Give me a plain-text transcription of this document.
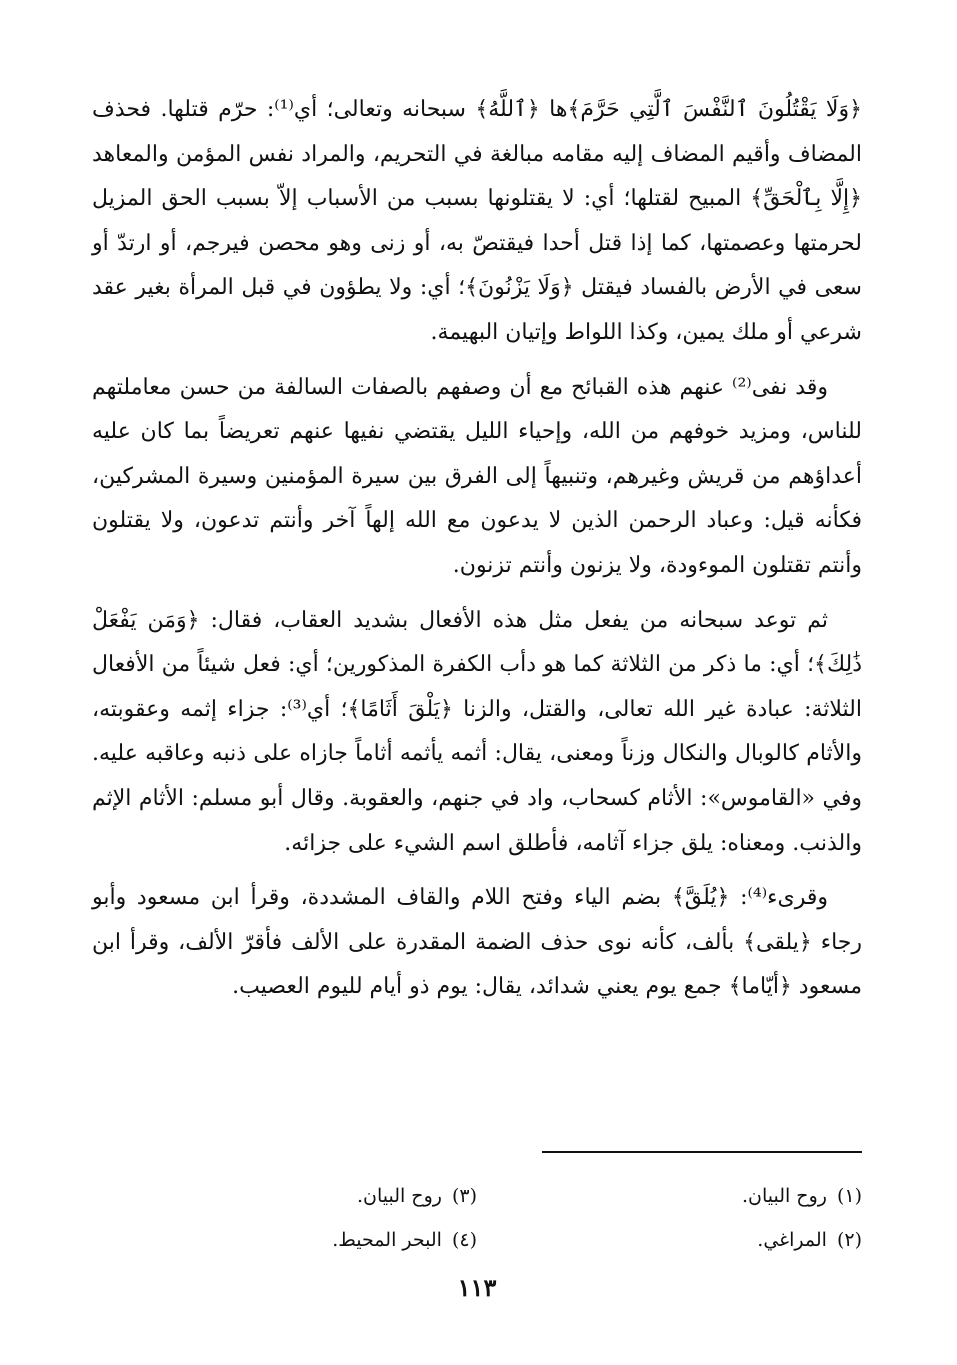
﴿وَلَا يَقْتُلُونَ ٱلنَّفْسَ ٱلَّتِي حَرَّمَ﴾ها ﴿ٱللَّهُ﴾ سبحانه وتعالى؛ أي⁽¹⁾: حرّم قتلها. فحذف المضاف وأقيم المضاف إليه مقامه مبالغة في التحريم، والمراد نفس المؤمن والمعاهد ﴿إِلَّا بِٱلْحَقِّ﴾ المبيح لقتلها؛ أي: لا يقتلونها بسبب من الأسباب إلاّ بسبب الحق المزيل لحرمتها وعصمتها، كما إذا قتل أحدا فيقتصّ به، أو زنى وهو محصن فيرجم، أو ارتدّ أو سعى في الأرض بالفساد فيقتل ﴿وَلَا يَزْنُونَ﴾؛ أي: ولا يطؤون في قبل المرأة بغير عقد شرعي أو ملك يمين، وكذا اللواط وإتيان البهيمة.

وقد نفى⁽²⁾ عنهم هذه القبائح مع أن وصفهم بالصفات السالفة من حسن معاملتهم للناس، ومزيد خوفهم من الله، وإحياء الليل يقتضي نفيها عنهم تعريضاً بما كان عليه أعداؤهم من قريش وغيرهم، وتنبيهاً إلى الفرق بين سيرة المؤمنين وسيرة المشركين، فكأنه قيل: وعباد الرحمن الذين لا يدعون مع الله إلهاً آخر وأنتم تدعون، ولا يقتلون وأنتم تقتلون الموءودة، ولا يزنون وأنتم تزنون.

ثم توعد سبحانه من يفعل مثل هذه الأفعال بشديد العقاب، فقال: ﴿وَمَن يَفْعَلْ ذَٰلِكَ﴾؛ أي: ما ذكر من الثلاثة كما هو دأب الكفرة المذكورين؛ أي: فعل شيئاً من الأفعال الثلاثة: عبادة غير الله تعالى، والقتل، والزنا ﴿يَلْقَ أَثَامًا﴾؛ أي⁽³⁾: جزاء إثمه وعقوبته، والأثام كالوبال والنكال وزناً ومعنى، يقال: أثمه يأثمه أثاماً جازاه على ذنبه وعاقبه عليه. وفي «القاموس»: الأثام كسحاب، واد في جنهم، والعقوبة. وقال أبو مسلم: الأثام الإثم والذنب. ومعناه: يلق جزاء آثامه، فأطلق اسم الشيء على جزائه.

وقرىء⁽⁴⁾: ﴿يُلَقَّ﴾ بضم الياء وفتح اللام والقاف المشددة، وقرأ ابن مسعود وأبو رجاء ﴿يلقى﴾ بألف، كأنه نوى حذف الضمة المقدرة على الألف فأقرّ الألف، وقرأ ابن مسعود ﴿أيّاما﴾ جمع يوم يعني شدائد، يقال: يوم ذو أيام لليوم العصيب.

(١)روح البيان.
(٣)روح البيان.
(٢)المراغي.
(٤)البحر المحيط.
١١٣
